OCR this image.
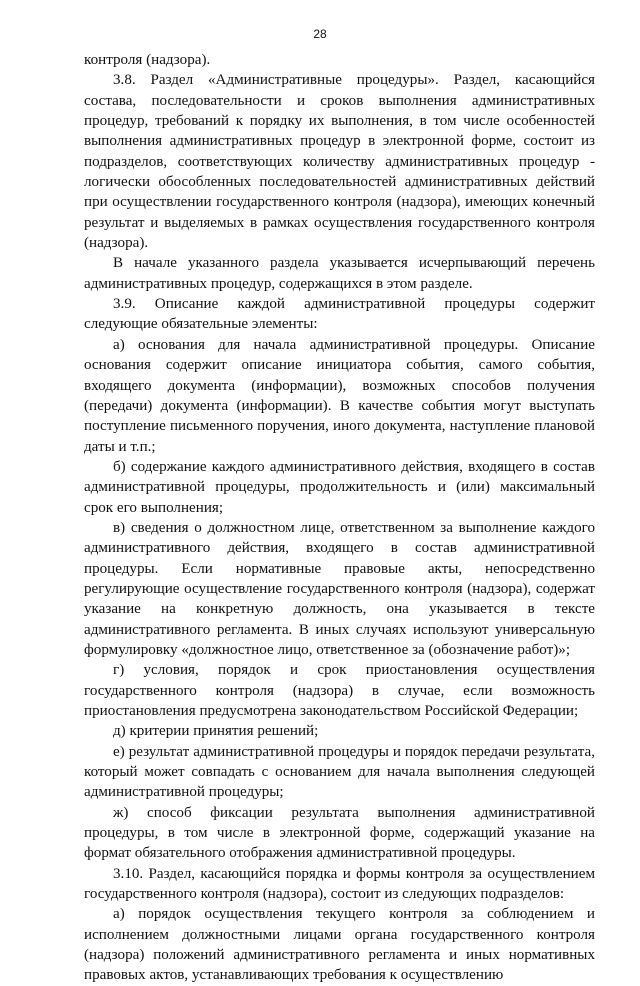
28

контроля (надзора).

3.8. Раздел «Административные процедуры». Раздел, касающийся состава, последовательности и сроков выполнения административных процедур, требований к порядку их выполнения, в том числе особенностей выполнения административных процедур в электронной форме, состоит из подразделов, соответствующих количеству административных процедур - логически обособленных последовательностей административных действий при осуществлении государственного контроля (надзора), имеющих конечный результат и выделяемых в рамках осуществления государственного контроля (надзора).

В начале указанного раздела указывается исчерпывающий перечень административных процедур, содержащихся в этом разделе.

3.9. Описание каждой административной процедуры содержит следующие обязательные элементы:

а) основания для начала административной процедуры. Описание основания содержит описание инициатора события, самого события, входящего документа (информации), возможных способов получения (передачи) документа (информации). В качестве события могут выступать поступление письменного поручения, иного документа, наступление плановой даты и т.п.;

б) содержание каждого административного действия, входящего в состав административной процедуры, продолжительность и (или) максимальный срок его выполнения;

в) сведения о должностном лице, ответственном за выполнение каждого административного действия, входящего в состав административной процедуры. Если нормативные правовые акты, непосредственно регулирующие осуществление государственного контроля (надзора), содержат указание на конкретную должность, она указывается в тексте административного регламента. В иных случаях используют универсальную формулировку «должностное лицо, ответственное за (обозначение работ)»;

г) условия, порядок и срок приостановления осуществления государственного контроля (надзора) в случае, если возможность приостановления предусмотрена законодательством Российской Федерации;

д) критерии принятия решений;

е) результат административной процедуры и порядок передачи результата, который может совпадать с основанием для начала выполнения следующей административной процедуры;

ж) способ фиксации результата выполнения административной процедуры, в том числе в электронной форме, содержащий указание на формат обязательного отображения административной процедуры.

3.10. Раздел, касающийся порядка и формы контроля за осуществлением государственного контроля (надзора), состоит из следующих подразделов:

а) порядок осуществления текущего контроля за соблюдением и исполнением должностными лицами органа государственного контроля (надзора) положений административного регламента и иных нормативных правовых актов, устанавливающих требования к осуществлению
